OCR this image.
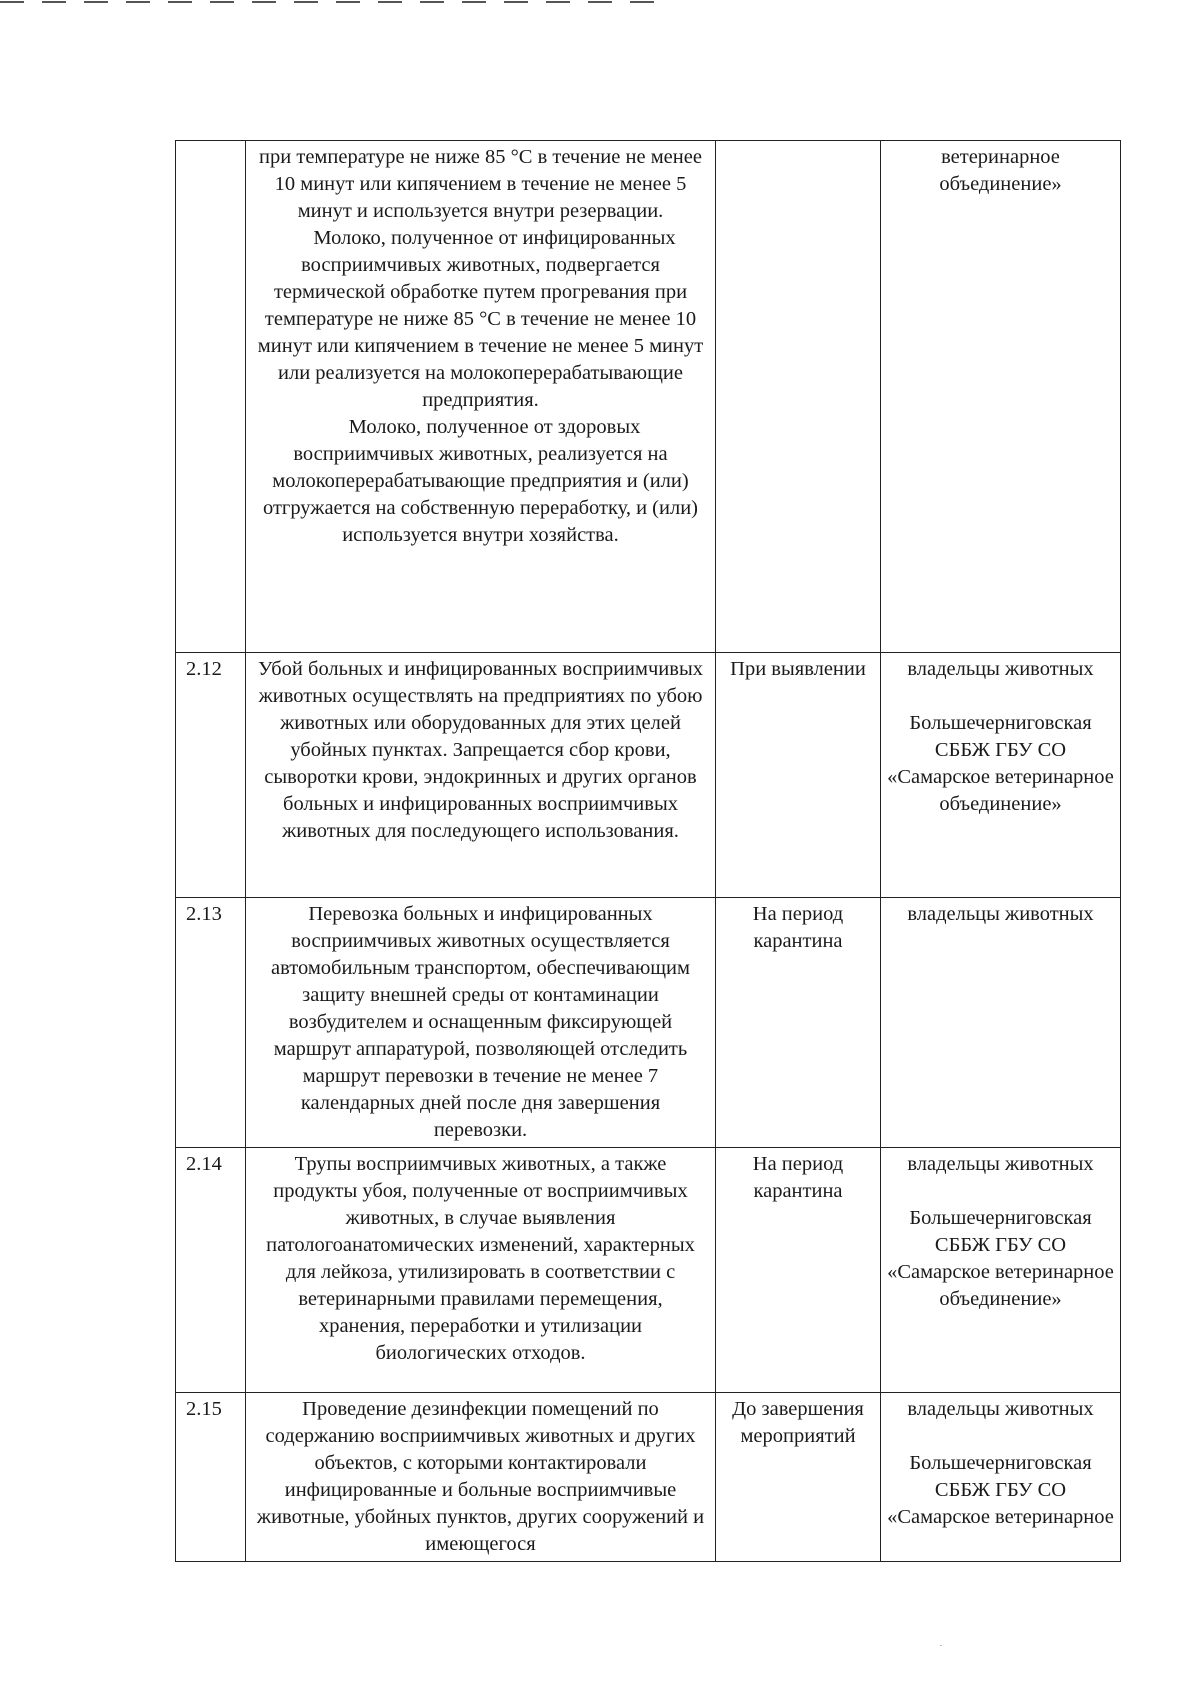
	при температуре не ниже 85 °С в течение не менее 10 минут или кипячением в течение не менее 5 минут и используется внутри резервации.
Молоко, полученное от инфицированных восприимчивых животных, подвергается термической обработке путем прогревания при температуре не ниже 85 °С в течение не менее 10 минут или кипячением в течение не менее 5 минут или реализуется на молокоперерабатывающие предприятия.
Молоко, полученное от здоровых восприимчивых животных, реализуется на молокоперерабатывающие предприятия и (или) отгружается на собственную переработку, и (или) используется внутри хозяйства.		ветеринарное объединение»
2.12	Убой больных и инфицированных восприимчивых животных осуществлять на предприятиях по убою животных или оборудованных для этих целей убойных пунктах. Запрещается сбор крови, сыворотки крови, эндокринных и других органов больных и инфицированных восприимчивых животных для последующего использования.	При выявлении	владельцы животных
Большечерниговская СББЖ ГБУ СО «Самарское ветеринарное объединение»

2.13	Перевозка больных и инфицированных восприимчивых животных осуществляется автомобильным транспортом, обеспечивающим защиту внешней среды от контаминации возбудителем и оснащенным фиксирующей маршрут аппаратурой, позволяющей отследить маршрут перевозки в течение не менее 7 календарных дней после дня завершения перевозки.	На период карантина	владельцы животных

2.14	Трупы восприимчивых животных, а также продукты убоя, полученные от восприимчивых животных, в случае выявления патологоанатомических изменений, характерных для лейкоза, утилизировать в соответствии с ветеринарными правилами перемещения, хранения, переработки и утилизации биологических отходов.	На период карантина	владельцы животных
Большечерниговская СББЖ ГБУ СО «Самарское ветеринарное объединение»

2.15	Проведение дезинфекции помещений по содержанию восприимчивых животных и других объектов, с которыми контактировали инфицированные и больные восприимчивые животные, убойных пунктов, других сооружений и имеющегося	До завершения мероприятий	владельцы животных
Большечерниговская СББЖ ГБУ СО «Самарское ветеринарное
